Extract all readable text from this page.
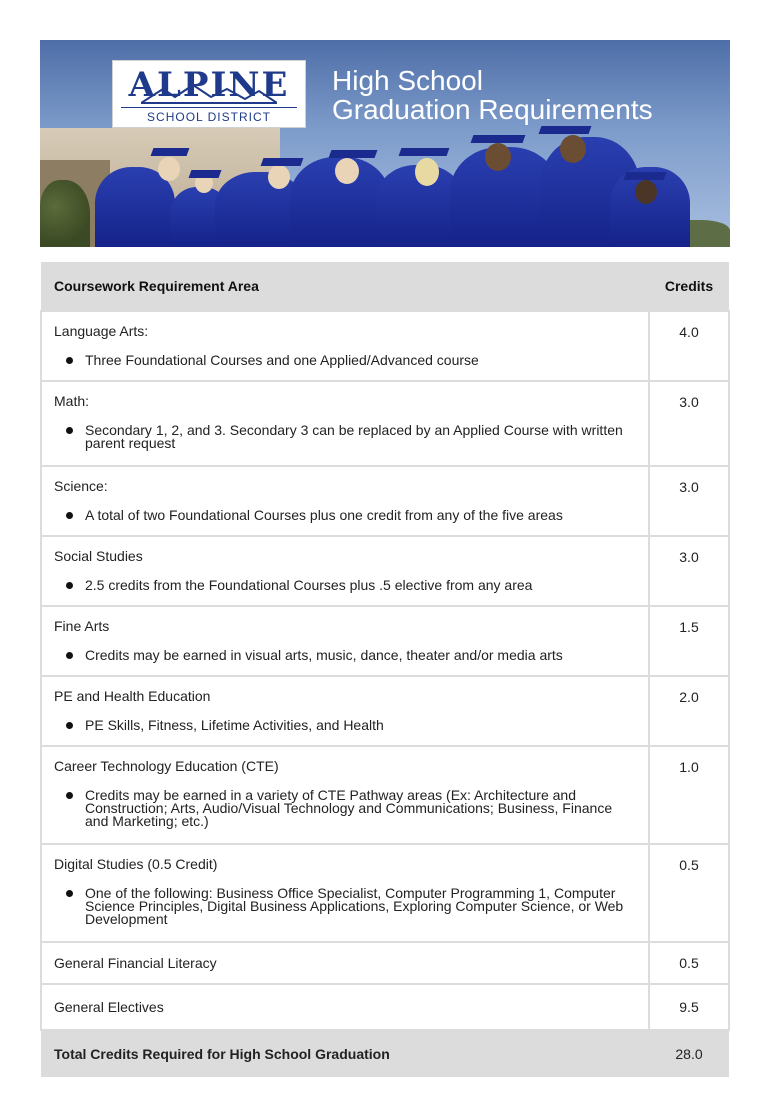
ALPINE
SCHOOL DISTRICT
High School
Graduation Requirements
Coursework Requirement Area	Credits

Language Arts:
Three Foundational Courses and one Applied/Advanced course	4.0

Math:
Secondary 1, 2, and 3. Secondary 3 can be replaced by an Applied Course with written parent request	3.0

Science:
A total of two Foundational Courses plus one credit from any of the five areas	3.0

Social Studies
2.5 credits from the Foundational Courses plus .5 elective from any area	3.0

Fine Arts
Credits may be earned in visual arts, music, dance, theater and/or media arts	1.5

PE and Health Education
PE Skills, Fitness, Lifetime Activities, and Health	2.0

Career Technology Education (CTE)
Credits may be earned in a variety of CTE Pathway areas (Ex: Architecture and Construction; Arts, Audio/Visual Technology and Communications; Business, Finance and Marketing; etc.)	1.0

Digital Studies (0.5 Credit)
One of the following: Business Office Specialist, Computer Programming 1, Computer Science Principles, Digital Business Applications, Exploring Computer Science, or Web Development	0.5

General Financial Literacy	0.5

General Electives	9.5
Total Credits Required for High School Graduation	28.0
